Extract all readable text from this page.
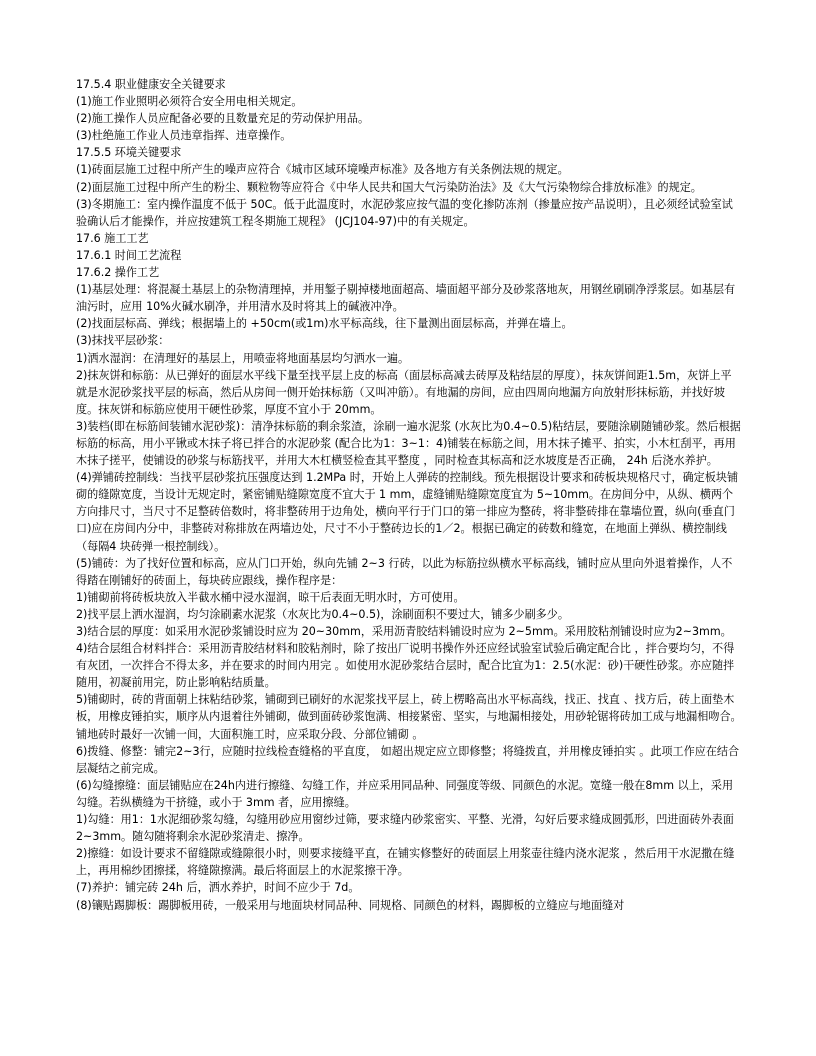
17.5.4 职业健康安全关键要求

(1)施工作业照明必须符合安全用电相关规定。

(2)施工操作人员应配备必要的且数量充足的劳动保护用品。

(3)杜绝施工作业人员违章指挥、违章操作。

17.5.5 环境关键要求

(1)砖面层施工过程中所产生的噪声应符合《城市区域环境噪声标准》及各地方有关条例法规的规定。

(2)面层施工过程中所产生的粉尘、颗粒物等应符合《中华人民共和国大气污染防治法》及《大气污染物综合排放标准》的规定。

(3)冬期施工：室内操作温度不低于 50C。低于此温度时，水泥砂浆应按气温的变化掺防冻剂（掺量应按产品说明），且必须经试验室试验确认后才能操作，并应按建筑工程冬期施工规程》 (JCJ104-97)中的有关规定。

17.6 施工工艺

17.6.1 时间工艺流程

17.6.2 操作工艺

(1)基层处理：将混凝土基层上的杂物清理掉，并用錾子剔掉楼地面超高、墙面超平部分及砂浆落地灰，用钢丝刷刷净浮浆层。如基层有油污时，应用 10%火碱水刷净，并用清水及时将其上的碱液冲净。

(2)找面层标高、弹线；根据墙上的 +50cm(或1m)水平标高线，往下量测出面层标高，并弹在墙上。

(3)抹找平层砂浆：

1)洒水湿润：在清理好的基层上，用喷壶将地面基层均匀洒水一遍。

2)抹灰饼和标筋：从已弹好的面层水平线下量至找平层上皮的标高（面层标高减去砖厚及粘结层的厚度），抹灰饼间距1.5m，灰饼上平就是水泥砂浆找平层的标高，然后从房间一侧开始抹标筋（又叫冲筋）。有地漏的房间，应由四周向地漏方向放射形抹标筋，并找好坡度。抹灰饼和标筋应使用干硬性砂浆，厚度不宜小于 20mm。

3)装档(即在标筋间装铺水泥砂浆)：清净抹标筋的剩余浆渣，涂刷一遍水泥浆 (水灰比为0.4~0.5)粘结层，要随涂刷随铺砂浆。然后根据标筋的标高，用小平锹或木抹子将已拌合的水泥砂浆 (配合比为1：3~1：4)铺装在标筋之间，用木抹子摊平、拍实，小木杠刮平，再用木抹子搓平，使铺设的砂浆与标筋找平，并用大木杠横竖检查其平整度 ，同时检查其标高和泛水坡度是否正确， 24h 后浇水养护。

(4)弹铺砖控制线：当找平层砂浆抗压强度达到 1.2MPa 时，开始上人弹砖的控制线。预先根据设计要求和砖板块规格尺寸，确定板块铺砌的缝隙宽度，当设计无规定时，紧密铺贴缝隙宽度不宜大于 1 mm，虚缝铺贴缝隙宽度宜为 5~10mm。在房间分中，从纵、横两个方向排尺寸，当尺寸不足整砖倍数时，将非整砖用于边角处，横向平行于门口的第一排应为整砖，将非整砖排在靠墙位置，纵向(垂直门口)应在房间内分中，非整砖对称排放在两墙边处，尺寸不小于整砖边长的1／2。根据已确定的砖数和缝宽，在地面上弹纵、横控制线（每隔4 块砖弹一根控制线）。

(5)铺砖：为了找好位置和标高，应从门口开始，纵向先铺 2~3 行砖，以此为标筋拉纵横水平标高线，铺时应从里向外退着操作，人不得踏在刚铺好的砖面上，每块砖应跟线，操作程序是：

1)铺砌前将砖板块放入半截水桶中浸水湿润，晾干后表面无明水时，方可使用。

2)找平层上洒水湿润，均匀涂刷素水泥浆（水灰比为0.4~0.5)，涂刷面积不要过大，铺多少刷多少。

3)结合层的厚度：如采用水泥砂浆铺设时应为 20~30mm，采用沥青胶结料铺设时应为 2~5mm。采用胶粘剂铺设时应为2~3mm。

4)结合层组合材料拌合：采用沥青胶结材料和胶粘剂时，除了按出厂说明书操作外还应经试验室试验后确定配合比 ，拌合要均匀，不得有灰团，一次拌合不得太多，并在要求的时间内用完 。如使用水泥砂浆结合层时，配合比宜为1：2.5(水泥：砂)干硬性砂浆。亦应随拌随用，初凝前用完，防止影响粘结质量。

5)铺砌时，砖的背面朝上抹粘结砂浆，铺砌到已刷好的水泥浆找平层上，砖上楞略高出水平标高线，找正、找直 、找方后，砖上面垫木板，用橡皮锤拍实，顺序从内退着往外铺砌，做到面砖砂浆饱满、相接紧密、坚实，与地漏相接处，用砂轮锯将砖加工成与地漏相吻合。铺地砖时最好一次铺一间，大面积施工时，应采取分段、分部位铺砌 。

6)拨缝、修整：铺完2~3行，应随时拉线检查缝格的平直度， 如超出规定应立即修整；将缝拨直，并用橡皮锤拍实 。此项工作应在结合层凝结之前完成。

(6)勾缝擦缝：面层铺贴应在24h内进行擦缝、勾缝工作，并应采用同品种、同强度等级、同颜色的水泥。宽缝一般在8mm 以上，采用勾缝。若纵横缝为干挤缝，或小于 3mm 者，应用擦缝。

1)勾缝：用1：1水泥细砂浆勾缝，勾缝用砂应用窗纱过筛，要求缝内砂浆密实、平整、光滑，勾好后要求缝成圆弧形，凹进面砖外表面 2~3mm。随勾随将剩余水泥砂浆清走、擦净。

2)擦缝：如设计要求不留缝隙或缝隙很小时，则要求接缝平直，在铺实修整好的砖面层上用浆壶往缝内浇水泥浆 ，然后用干水泥撒在缝上，再用棉纱团擦揉，将缝隙擦满。最后将面层上的水泥浆擦干净。

(7)养护：铺完砖 24h 后，洒水养护，时间不应少于 7d。

(8)镶贴踢脚板：踢脚板用砖，一般采用与地面块材同品种、同规格、同颜色的材料，踢脚板的立缝应与地面缝对
